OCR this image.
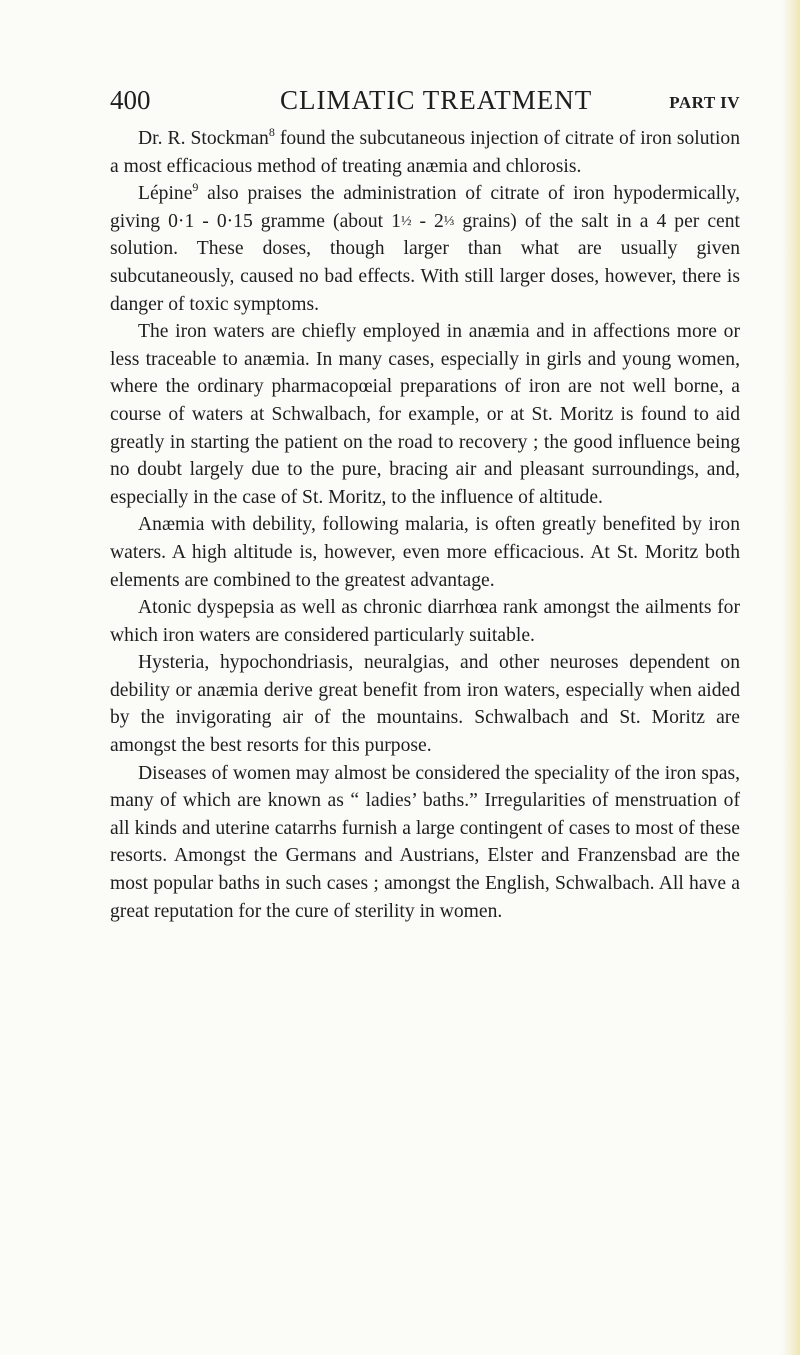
400	CLIMATIC TREATMENT	PART IV

Dr. R. Stockman$^8$ found the subcutaneous injection of citrate of iron solution a most efficacious method of treating anæmia and chlorosis.

Lépine$^9$ also praises the administration of citrate of iron hypodermically, giving 0·1 - 0·15 gramme (about 1½ - 2⅓ grains) of the salt in a 4 per cent solution. These doses, though larger than what are usually given subcutaneously, caused no bad effects. With still larger doses, however, there is danger of toxic symptoms.

The iron waters are chiefly employed in anæmia and in affections more or less traceable to anæmia. In many cases, especially in girls and young women, where the ordinary pharmacopœial preparations of iron are not well borne, a course of waters at Schwalbach, for example, or at St. Moritz is found to aid greatly in starting the patient on the road to recovery ; the good influence being no doubt largely due to the pure, bracing air and pleasant surroundings, and, especially in the case of St. Moritz, to the influence of altitude.

Anæmia with debility, following malaria, is often greatly benefited by iron waters. A high altitude is, however, even more efficacious. At St. Moritz both elements are combined to the greatest advantage.

Atonic dyspepsia as well as chronic diarrhœa rank amongst the ailments for which iron waters are considered particularly suitable.

Hysteria, hypochondriasis, neuralgias, and other neuroses dependent on debility or anæmia derive great benefit from iron waters, especially when aided by the invigorating air of the mountains. Schwalbach and St. Moritz are amongst the best resorts for this purpose.

Diseases of women may almost be considered the speciality of the iron spas, many of which are known as “ ladies’ baths.” Irregularities of menstruation of all kinds and uterine catarrhs furnish a large contingent of cases to most of these resorts. Amongst the Germans and Austrians, Elster and Franzensbad are the most popular baths in such cases ; amongst the English, Schwalbach. All have a great reputation for the cure of sterility in women.
